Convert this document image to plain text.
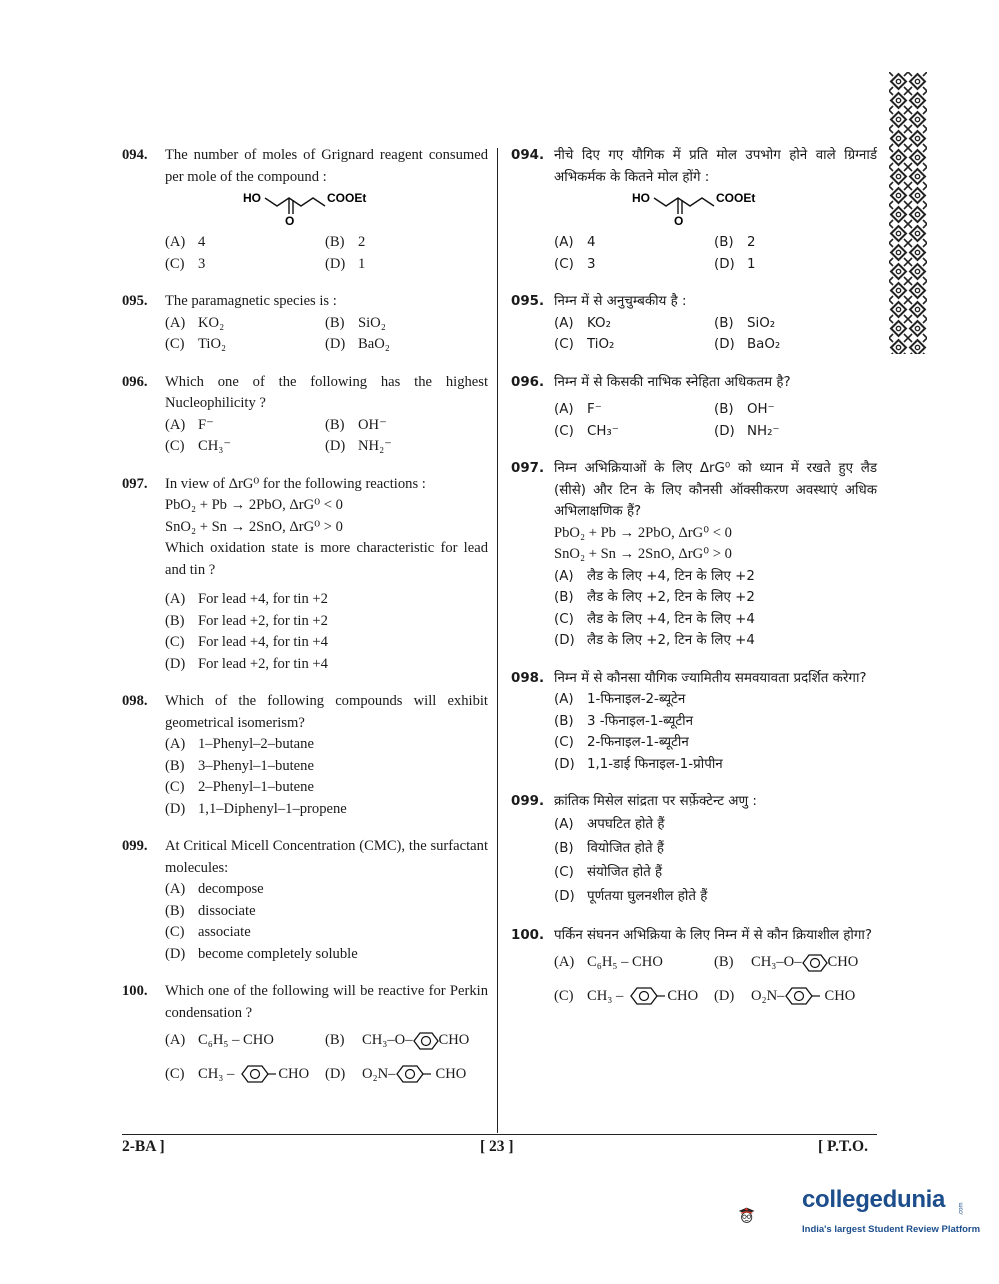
094. The number of moles of Grignard reagent consumed per mole of the compound :
HO
O
COOEt
(A) 4	(B) 2
(C) 3	(D) 1
095. The paramagnetic species is :
(A) KO₂	(B) SiO₂
(C) TiO₂	(D) BaO₂
096. Which one of the following has the highest Nucleophilicity ?
(A) F⁻	(B) OH⁻
(C) CH₃⁻	(D) NH₂⁻
097. In view of ΔrG⁰ for the following reactions :
PbO₂ + Pb → 2PbO, ΔrG⁰ < 0
SnO₂ + Sn → 2SnO, ΔrG⁰ > 0
Which oxidation state is more characteristic for lead and tin ?
(A) For lead +4, for tin +2
(B) For lead +2, for tin +2
(C) For lead +4, for tin +4
(D) For lead +2, for tin +4
098. Which of the following compounds will exhibit geometrical isomerism?
(A) 1–Phenyl–2–butane
(B) 3–Phenyl–1–butene
(C) 2–Phenyl–1–butene
(D) 1,1–Diphenyl–1–propene
099. At Critical Micell Concentration (CMC), the surfactant molecules:
(A) decompose
(B) dissociate
(C) associate
(D) become completely soluble
100. Which one of the following will be reactive for Perkin condensation ?
(A) C₆H₅ – CHO	(B) CH₃–O– CHO
(C) CH₃ –	CHO	(D) O₂N–	CHO
094. नीचे दिए गए यौगिक में प्रति मोल उपभोग होने वाले ग्रिग्नार्ड अभिकर्मक के कितने मोल होंगे :
HO
O
COOEt
(A) 4	(B) 2
(C) 3	(D) 1
095. निम्न में से अनुचुम्बकीय है :
(A) KO₂	(B) SiO₂
(C) TiO₂	(D) BaO₂
096. निम्न में से किसकी नाभिक स्नेहिता अधिकतम है?
(A) F⁻	(B) OH⁻
(C) CH₃⁻	(D) NH₂⁻
097. निम्न अभिक्रियाओं के लिए ΔrG⁰ को ध्यान में रखते हुए लैड (सीसे) और टिन के लिए कौनसी ऑक्सीकरण अवस्थाएं अधिक अभिलाक्षणिक हैं?
PbO₂ + Pb → 2PbO, ΔrG⁰ < 0
SnO₂ + Sn → 2SnO, ΔrG⁰ > 0
(A) लैड के लिए +4, टिन के लिए +2
(B) लैड के लिए +2, टिन के लिए +2
(C) लैड के लिए +4, टिन के लिए +4
(D) लैड के लिए +2, टिन के लिए +4
098. निम्न में से कौनसा यौगिक ज्यामितीय समवयावता प्रदर्शित करेगा?
(A) 1-फिनाइल-2-ब्यूटेन
(B) 3 -फिनाइल-1-ब्यूटीन
(C) 2-फिनाइल-1-ब्यूटीन
(D) 1,1-डाई फिनाइल-1-प्रोपीन
099. क्रांतिक मिसेल सांद्रता पर सर्फ़ेक्टेन्ट अणु :
(A) अपघटित होते हैं
(B) वियोजित होते हैं
(C) संयोजित होते हैं
(D) पूर्णतया घुलनशील होते हैं
100. पर्किन संघनन अभिक्रिया के लिए निम्न में से कौन क्रियाशील होगा?
(A) C₆H₅ – CHO	(B) CH₃–O– CHO
(C) CH₃ –	CHO	(D) O₂N–	CHO
2-BA ]	[ 23 ]	[ P.T.O.
collegedunia .com
India's largest Student Review Platform
